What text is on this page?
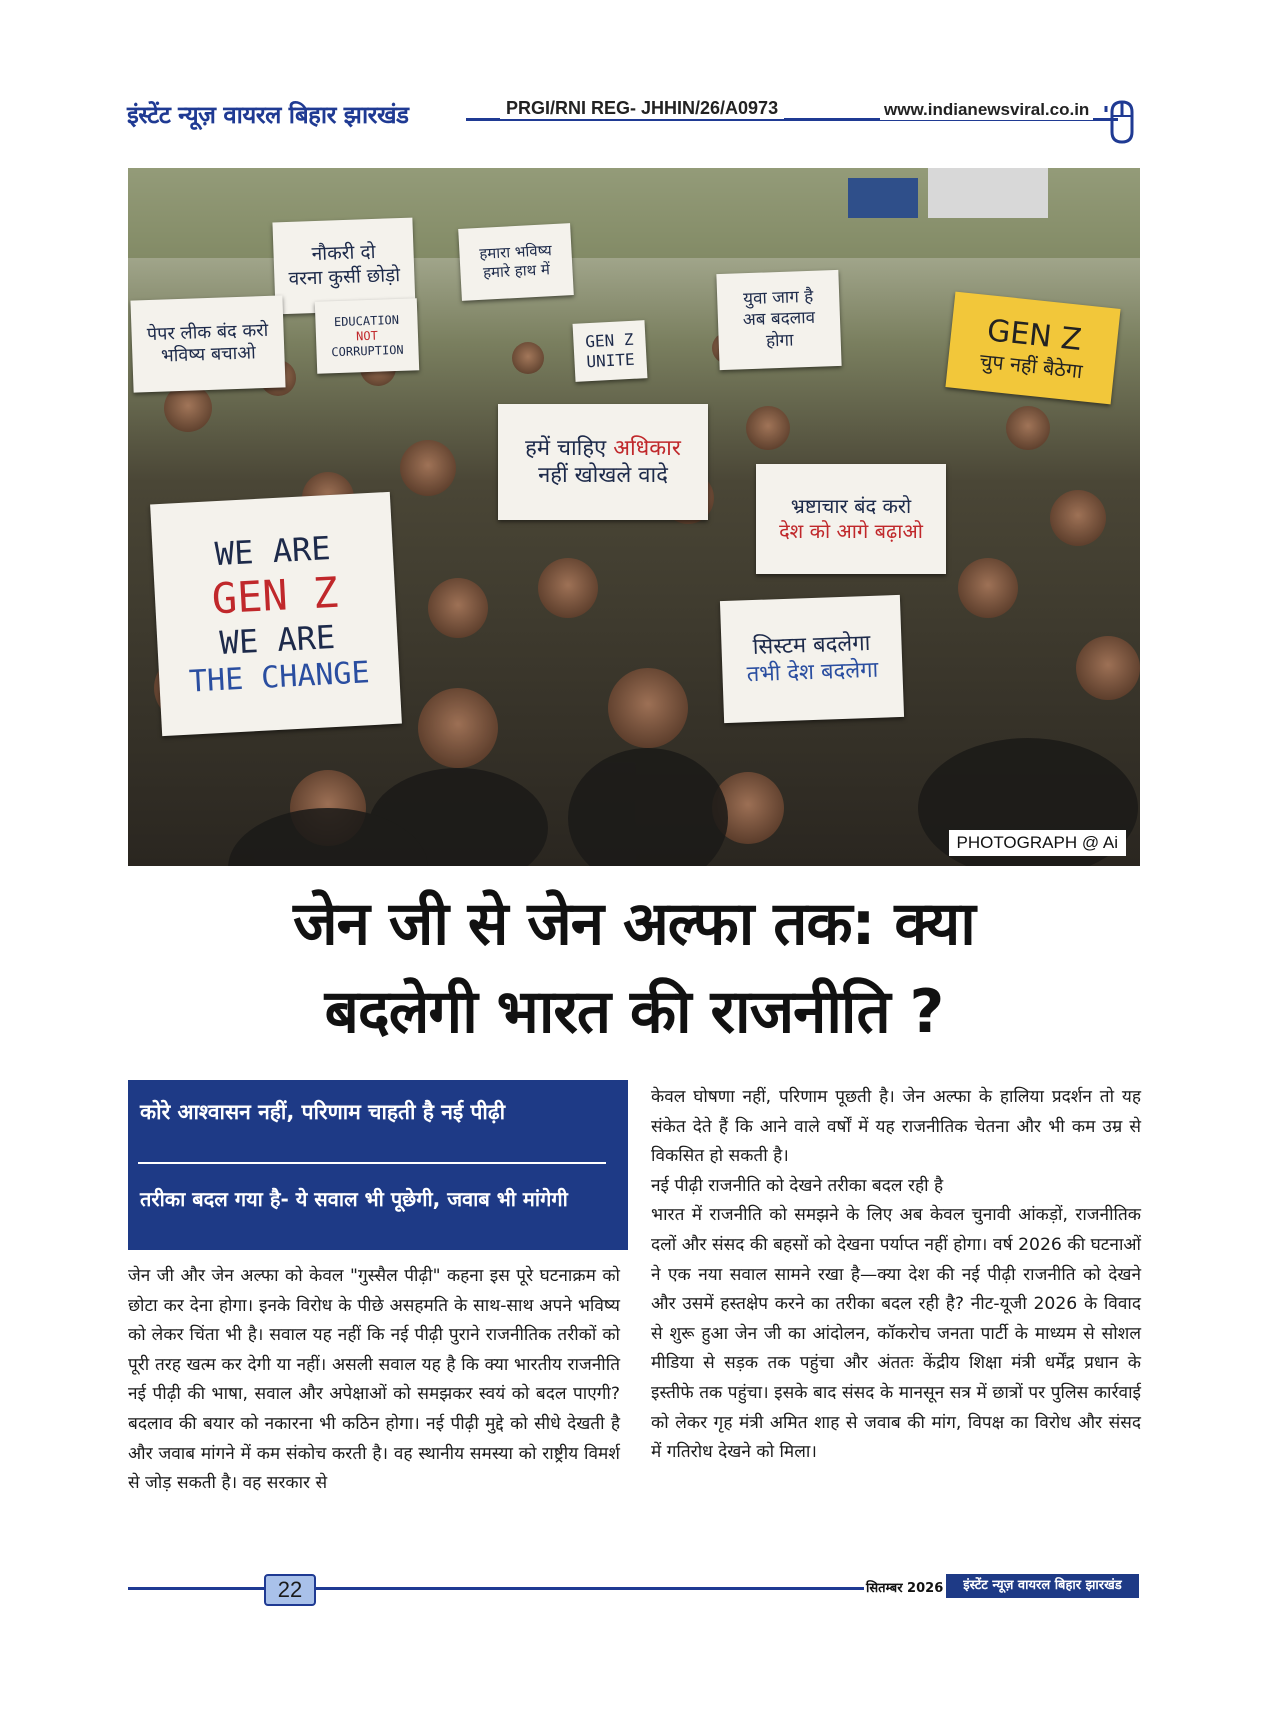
इंस्टेंट न्यूज़ वायरल बिहार झारखंड	PRGI/RNI REG- JHHIN/26/A0973	www.indianewsviral.co.in
नौकरी दो
वरना कुर्सी छोड़ो
हमारा भविष्य
हमारे हाथ में
पेपर लीक बंद करो
भविष्य बचाओ
EDUCATION
NOT
CORRUPTION	GEN Z
UNITE
युवा जाग है
अब बदलाव
होगा	GEN Z
चुप नहीं बैठेगा
हमें चाहिए अधिकार
नहीं खोखले वादे
भ्रष्टाचार बंद करो
देश को आगे बढ़ाओ
WE ARE
GEN Z
WE ARE
THE CHANGE
सिस्टम बदलेगा
तभी देश बदलेगा
PHOTOGRAPH @ Ai
जेन जी से जेन अल्फा तक: क्या
बदलेगी भारत की राजनीति ?
कोरे आश्वासन नहीं, परिणाम चाहती है नई पीढ़ी
तरीका बदल गया है- ये सवाल भी पूछेगी, जवाब भी मांगेगी

जेन जी और जेन अल्फा को केवल "गुस्सैल पीढ़ी" कहना इस पूरे घटनाक्रम को छोटा कर देना होगा। इनके विरोध के पीछे असहमति के साथ-साथ अपने भविष्य को लेकर चिंता भी है। सवाल यह नहीं कि नई पीढ़ी पुराने राजनीतिक तरीकों को पूरी तरह खत्म कर देगी या नहीं। असली सवाल यह है कि क्या भारतीय राजनीति नई पीढ़ी की भाषा, सवाल और अपेक्षाओं को समझकर स्वयं को बदल पाएगी? बदलाव की बयार को नकारना भी कठिन होगा। नई पीढ़ी मुद्दे को सीधे देखती है और जवाब मांगने में कम संकोच करती है। वह स्थानीय समस्या को राष्ट्रीय विमर्श से जोड़ सकती है। वह सरकार से

केवल घोषणा नहीं, परिणाम पूछती है। जेन अल्फा के हालिया प्रदर्शन तो यह संकेत देते हैं कि आने वाले वर्षों में यह राजनीतिक चेतना और भी कम उम्र से विकसित हो सकती है।

नई पीढ़ी राजनीति को देखने तरीका बदल रही है

भारत में राजनीति को समझने के लिए अब केवल चुनावी आंकड़ों, राजनीतिक दलों और संसद की बहसों को देखना पर्याप्त नहीं होगा। वर्ष 2026 की घटनाओं ने एक नया सवाल सामने रखा है—क्या देश की नई पीढ़ी राजनीति को देखने और उसमें हस्तक्षेप करने का तरीका बदल रही है? नीट-यूजी 2026 के विवाद से शुरू हुआ जेन जी का आंदोलन, कॉकरोच जनता पार्टी के माध्यम से सोशल मीडिया से सड़क तक पहुंचा और अंततः केंद्रीय शिक्षा मंत्री धर्मेंद्र प्रधान के इस्तीफे तक पहुंचा। इसके बाद संसद के मानसून सत्र में छात्रों पर पुलिस कार्रवाई को लेकर गृह मंत्री अमित शाह से जवाब की मांग, विपक्ष का विरोध और संसद में गतिरोध देखने को मिला।

22	सितम्बर 2026	इंस्टेंट न्यूज़ वायरल बिहार झारखंड
